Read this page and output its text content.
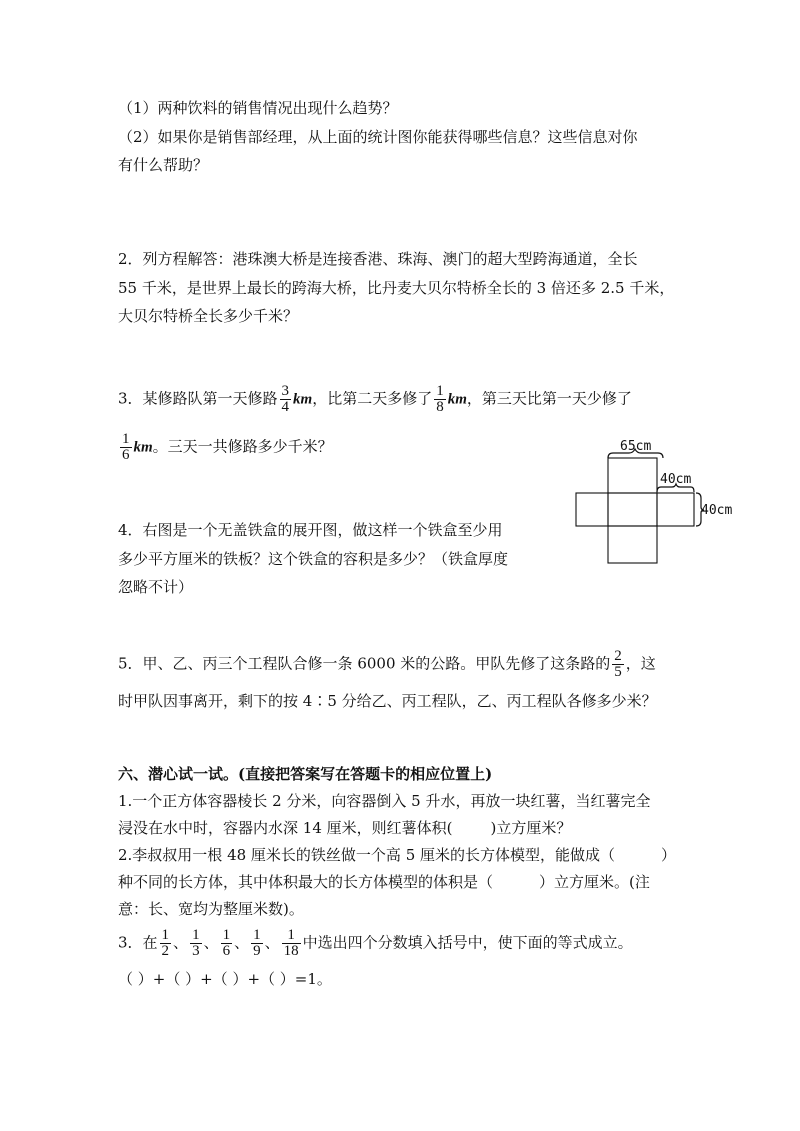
（1）两种饮料的销售情况出现什么趋势？
（2）如果你是销售部经理，从上面的统计图你能获得哪些信息？这些信息对你
有什么帮助？
2．列方程解答：港珠澳大桥是连接香港、珠海、澳门的超大型跨海通道，全长
55 千米，是世界上最长的跨海大桥，比丹麦大贝尔特桥全长的 3 倍还多 2.5 千米，
大贝尔特桥全长多少千米？
3．某修路队第一天修路 $\frac{3}{4}$ km，比第二天多修了 $\frac{1}{8}$ km，第三天比第一天少修了
$\frac{1}{6}$ km。三天一共修路多少千米？	65cm
40cm
40cm
4．右图是一个无盖铁盒的展开图，做这样一个铁盒至少用
多少平方厘米的铁板？这个铁盒的容积是多少？（铁盒厚度
忽略不计）
5．甲、乙、丙三个工程队合修一条 6000 米的公路。甲队先修了这条路的 $\frac{2}{5}$ ，这
时甲队因事离开，剩下的按 4∶5 分给乙、丙工程队，乙、丙工程队各修多少米？
六、潜心试一试。(直接把答案写在答题卡的相应位置上)
1.一个正方体容器棱长 2 分米，向容器倒入 5 升水，再放一块红薯，当红薯完全
浸没在水中时，容器内水深 14 厘米，则红薯体积(	)立方厘米？
2.李叔叔用一根 48 厘米长的铁丝做一个高 5 厘米的长方体模型，能做成（	）
种不同的长方体，其中体积最大的长方体模型的体积是（	）立方厘米。(注
意：长、宽均为整厘米数)。
3．在 $\frac{1}{2}$ 、 $\frac{1}{3}$ 、 $\frac{1}{6}$ 、 $\frac{1}{9}$ 、 $\frac{1}{18}$ 中选出四个分数填入括号中，使下面的等式成立。
（ ）+（ ）+（ ）+（ ）=1。
